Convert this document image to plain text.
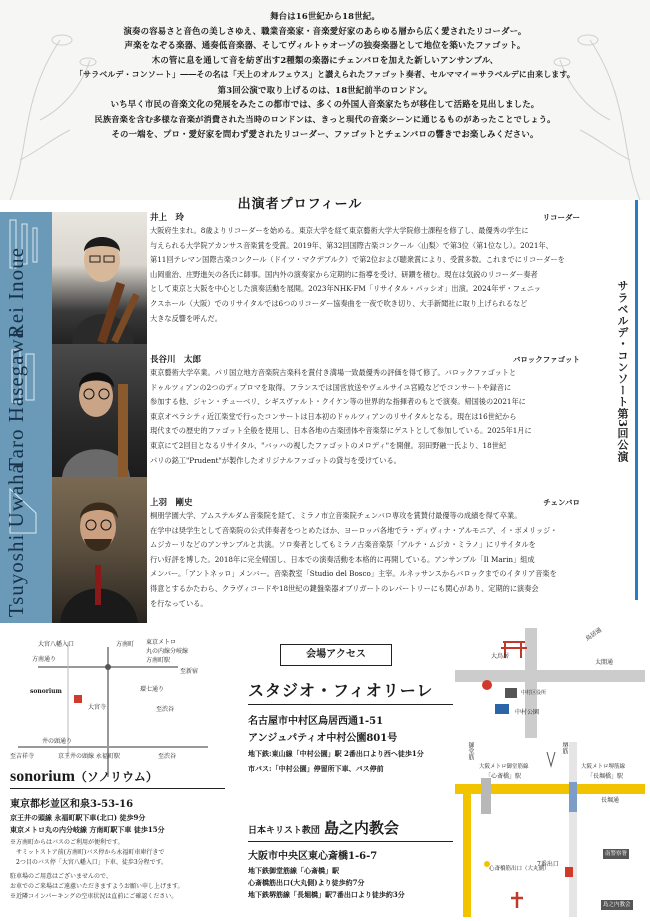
舞台は16世紀から18世紀。
演奏の容易さと音色の美しさゆえ、職業音楽家・音楽愛好家のあらゆる層から広く愛されたリコーダー。
声楽をなぞる楽器、通奏低音楽器、そしてヴィルトゥオーゾの独奏楽器として地位を築いたファゴット。
木の管に息を通して音を紡ぎ出す2種類の楽器にチェンバロを加えた新しいアンサンブル、
「サラベルデ・コンソート」――その名は「天上のオルフェウス」と讃えられたファゴット奏者、セルママイ＝サラベルデに由来します。
第3回公演で取り上げるのは、18世紀前半のロンドン。
いち早く市民の音楽文化の発展をみたこの都市では、多くの外国人音楽家たちが移住して活路を見出しました。
民族音楽を含む多様な音楽が消費された当時のロンドンは、きっと現代の音楽シーンに通じるものがあったことでしょう。
その一端を、プロ・愛好家を問わず愛されたリコーダー、ファゴットとチェンバロの響きでお楽しみください。
出演者プロフィール
Rei Inoue
井上　玲	リコーダー
大阪府生まれ。8歳よりリコーダーを始める。東京大学を経て東京藝術大学大学院修士課程を修了し、最優秀の学生に
与えられる大学院アカンサス音楽賞を受賞。2019年、第32回国際古楽コンクール〈山梨〉で第3位（第1位なし）。2021年、
第11回テレマン国際古楽コンクール（ドイツ・マクデブルク）で第2位および聴衆賞により、受賞多数。これまでにリコーダーを
山岡重治、庄野進矢の各氏に師事。国内外の演奏家から定期的に指導を受け、研鑽を積む。現在は気鋭のリコーダー奏者
として東京と大阪を中心とした演奏活動を展開。2023年NHK-FM「リサイタル・パッシオ」出演。2024年ザ・フェニッ
クスホール（大阪）でのリサイタルでは6つのリコーダー協奏曲を一夜で吹き切り、大手新聞社に取り上げられるなど
大きな反響を呼んだ。
Taro Hasegawa	長谷川　太郎	バロックファゴット
東京藝術大学卒業。パリ国立地方音楽院古楽科を賞付き満場一致最優秀の評価を得て修了。バロックファゴットと
ドゥルツィアンの2つのディプロマを取得。フランスでは国営放送やヴェルサイユ宮殿などでコンサートや録音に
参加する他、ジャン・チューベリ、シギスヴァルト・クイケン等の世界的な指揮者のもとで演奏。帰国後の2021年に
東京オペラシティ近江楽堂で行ったコンサートは日本初のドゥルツィアンのリサイタルとなる。現在は16世紀から
現代までの歴史的ファゴット全般を使用し、日本各地の古楽団体や音楽祭にゲストとして参加している。2025年1月に
東京にて2回目となるリサイタル、"バッハの視したファゴットのメロディ"を開催。羽田野融一氏より、18世紀
パリの銘工"Prudent"が製作したオリジナルファゴットの貸与を受けている。
Tsuyoshi Uwaha	上羽　剛史	チェンバロ
桐朋学園大学、アムステルダム音楽院を経て、ミラノ市立音楽院チェンバロ専攻を賞賛付最優等の成績を得て卒業。
在学中は奨学生として音楽院の公式伴奏者をつとめたほか、ヨーロッパ各地でラ・ディヴィナ・アルモニア、イ・ボメリッジ・
ムジカーリなどのアンサンブルと共演。ソロ奏者としてもミラノ古楽音楽祭「アルテ・ムジカ・ミラノ」にリサイタルを
行い好評を博した。2018年に完全帰国し、日本での演奏活動を本格的に再開している。アンサンブル「Il Marin」組成
メンバー。「アントネッロ」メンバー。音楽教室「Studio del Bosco」主宰。ルネッサンスからバロックまでのイタリア音楽を
得意とするかたわら、クラヴィコードや18世紀の鍵盤楽器オブリガートのレパートリーにも関心があり、定期的に演奏会
を行なっている。
サラベルデ・コンソート第3回公演
大宮八幡入口	方南町 東京メトロ
丸の内線分岐線
方南町駅
方南通り
sonorium
大宮寺
環七通り
至新宿
至渋谷
井の頭通り
至吉祥寺	京王井の頭線 永福町駅	至渋谷
sonorium（ソノリウム）
東京都杉並区和泉3-53-16
京王井の頭線 永福町駅下車(北口) 徒歩9分
東京メトロ丸の内分岐線 方南町駅下車 徒歩15分
※方南町からはバスのご利用が便利です。
　サミットストア前(方南町)バス停から永福町車庫行きで
　2つ目のバス停「大宮八幡入口」下車、徒歩3分程です。
駐車場のご用意はございませんので、
お車でのご来場はご遠慮いただきますようお願い申し上げます。
※近隣コインパーキングの空車状況は直前にご確認ください。
会場アクセス
スタジオ・フィオリーレ
名古屋市中村区烏居西通1-51
アンジュパティオ中村公園801号
地下鉄:東山線「中村公園」駅 2番出口より西へ徒歩1分
市バス:「中村公園」停留所下車、バス停前
大鳥居
太閤通
鳥居通
中村区役所
中村公園
日本キリスト教団 島之内教会
大阪市中央区東心斎橋1-6-7
地下鉄御堂筋線「心斎橋」駅
心斎橋筋出口(大丸側)より徒歩約7分
地下鉄堺筋線「長堀橋」駅7番出口より徒歩約3分
御堂筋	堺筋
長堀通
大阪メトロ御堂筋線
「心斎橋」駅
大阪メトロ堺筋線
「長堀橋」駅
7番出口
心斎橋筋出口（大丸側）
南警察署
島之内教会
